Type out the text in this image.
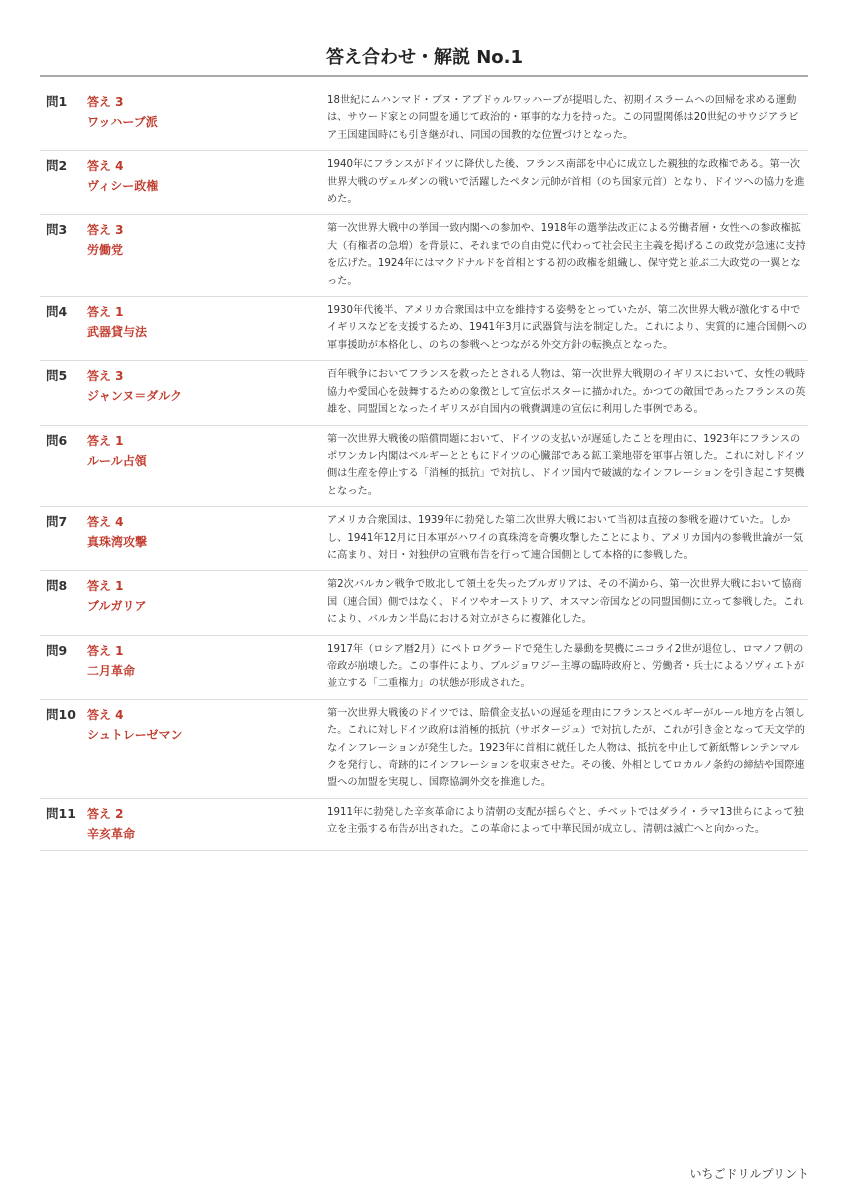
答え合わせ・解説 No.1
問1	答え 3
ワッハーブ派
18世紀にムハンマド・ブヌ・アブドゥルワッハーブが提唱した、初期イスラームへの回帰を求める運動は、サウード家との同盟を通じて政治的・軍事的な力を持った。この同盟関係は20世紀のサウジアラビア王国建国時にも引き継がれ、同国の国教的な位置づけとなった。
問2	答え 4
ヴィシー政権
1940年にフランスがドイツに降伏した後、フランス南部を中心に成立した親独的な政権である。第一次世界大戦のヴェルダンの戦いで活躍したペタン元帥が首相（のち国家元首）となり、ドイツへの協力を進めた。
問3	答え 3
労働党
第一次世界大戦中の挙国一致内閣への参加や、1918年の選挙法改正による労働者層・女性への参政権拡大（有権者の急増）を背景に、それまでの自由党に代わって社会民主主義を掲げるこの政党が急速に支持を広げた。1924年にはマクドナルドを首相とする初の政権を組織し、保守党と並ぶ二大政党の一翼となった。
問4	答え 1
武器貸与法
1930年代後半、アメリカ合衆国は中立を維持する姿勢をとっていたが、第二次世界大戦が激化する中でイギリスなどを支援するため、1941年3月に武器貸与法を制定した。これにより、実質的に連合国側への軍事援助が本格化し、のちの参戦へとつながる外交方針の転換点となった。
問5	答え 3
ジャンヌ＝ダルク
百年戦争においてフランスを救ったとされる人物は、第一次世界大戦期のイギリスにおいて、女性の戦時協力や愛国心を鼓舞するための象徴として宣伝ポスターに描かれた。かつての敵国であったフランスの英雄を、同盟国となったイギリスが自国内の戦費調達の宣伝に利用した事例である。
問6	答え 1
ルール占領
第一次世界大戦後の賠償問題において、ドイツの支払いが遅延したことを理由に、1923年にフランスのポワンカレ内閣はベルギーとともにドイツの心臓部である鉱工業地帯を軍事占領した。これに対しドイツ側は生産を停止する「消極的抵抗」で対抗し、ドイツ国内で破滅的なインフレーションを引き起こす契機となった。
問7	答え 4
真珠湾攻撃
アメリカ合衆国は、1939年に勃発した第二次世界大戦において当初は直接の参戦を避けていた。しかし、1941年12月に日本軍がハワイの真珠湾を奇襲攻撃したことにより、アメリカ国内の参戦世論が一気に高まり、対日・対独伊の宣戦布告を行って連合国側として本格的に参戦した。
問8	答え 1
ブルガリア
第2次バルカン戦争で敗北して領土を失ったブルガリアは、その不満から、第一次世界大戦において協商国（連合国）側ではなく、ドイツやオーストリア、オスマン帝国などの同盟国側に立って参戦した。これにより、バルカン半島における対立がさらに複雑化した。
問9	答え 1
二月革命
1917年（ロシア暦2月）にペトログラードで発生した暴動を契機にニコライ2世が退位し、ロマノフ朝の帝政が崩壊した。この事件により、ブルジョワジー主導の臨時政府と、労働者・兵士によるソヴィエトが並立する「二重権力」の状態が形成された。
問10 答え 4
シュトレーゼマン
第一次世界大戦後のドイツでは、賠償金支払いの遅延を理由にフランスとベルギーがルール地方を占領した。これに対しドイツ政府は消極的抵抗（サボタージュ）で対抗したが、これが引き金となって天文学的なインフレーションが発生した。1923年に首相に就任した人物は、抵抗を中止して新紙幣レンテンマルクを発行し、奇跡的にインフレーションを収束させた。その後、外相としてロカルノ条約の締結や国際連盟への加盟を実現し、国際協調外交を推進した。
問11 答え 2
辛亥革命
1911年に勃発した辛亥革命により清朝の支配が揺らぐと、チベットではダライ・ラマ13世らによって独立を主張する布告が出された。この革命によって中華民国が成立し、清朝は滅亡へと向かった。
いちごドリルプリント
